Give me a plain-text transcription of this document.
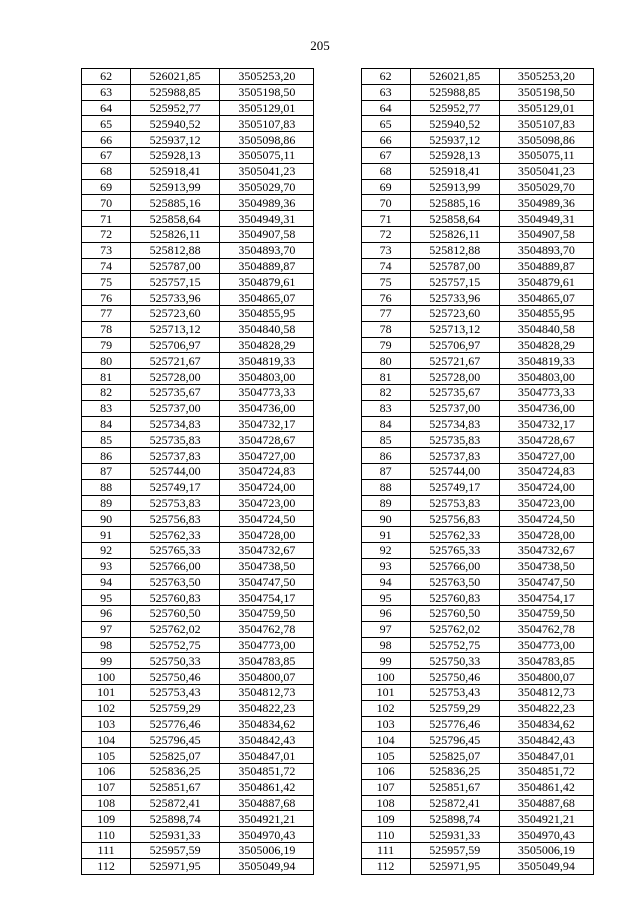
205
62	526021,85	3505253,20		62	526021,85	3505253,20
63	525988,85	3505198,50		63	525988,85	3505198,50
64	525952,77	3505129,01		64	525952,77	3505129,01
65	525940,52	3505107,83		65	525940,52	3505107,83
66	525937,12	3505098,86		66	525937,12	3505098,86
67	525928,13	3505075,11		67	525928,13	3505075,11
68	525918,41	3505041,23		68	525918,41	3505041,23
69	525913,99	3505029,70		69	525913,99	3505029,70
70	525885,16	3504989,36		70	525885,16	3504989,36
71	525858,64	3504949,31		71	525858,64	3504949,31
72	525826,11	3504907,58		72	525826,11	3504907,58
73	525812,88	3504893,70		73	525812,88	3504893,70
74	525787,00	3504889,87		74	525787,00	3504889,87
75	525757,15	3504879,61		75	525757,15	3504879,61
76	525733,96	3504865,07		76	525733,96	3504865,07
77	525723,60	3504855,95		77	525723,60	3504855,95
78	525713,12	3504840,58		78	525713,12	3504840,58
79	525706,97	3504828,29		79	525706,97	3504828,29
80	525721,67	3504819,33		80	525721,67	3504819,33
81	525728,00	3504803,00		81	525728,00	3504803,00
82	525735,67	3504773,33		82	525735,67	3504773,33
83	525737,00	3504736,00		83	525737,00	3504736,00
84	525734,83	3504732,17		84	525734,83	3504732,17
85	525735,83	3504728,67		85	525735,83	3504728,67
86	525737,83	3504727,00		86	525737,83	3504727,00
87	525744,00	3504724,83		87	525744,00	3504724,83
88	525749,17	3504724,00		88	525749,17	3504724,00
89	525753,83	3504723,00		89	525753,83	3504723,00
90	525756,83	3504724,50		90	525756,83	3504724,50
91	525762,33	3504728,00		91	525762,33	3504728,00
92	525765,33	3504732,67		92	525765,33	3504732,67
93	525766,00	3504738,50		93	525766,00	3504738,50
94	525763,50	3504747,50		94	525763,50	3504747,50
95	525760,83	3504754,17		95	525760,83	3504754,17
96	525760,50	3504759,50		96	525760,50	3504759,50
97	525762,02	3504762,78		97	525762,02	3504762,78
98	525752,75	3504773,00		98	525752,75	3504773,00
99	525750,33	3504783,85		99	525750,33	3504783,85
100	525750,46	3504800,07		100	525750,46	3504800,07
101	525753,43	3504812,73		101	525753,43	3504812,73
102	525759,29	3504822,23		102	525759,29	3504822,23
103	525776,46	3504834,62		103	525776,46	3504834,62
104	525796,45	3504842,43		104	525796,45	3504842,43
105	525825,07	3504847,01		105	525825,07	3504847,01
106	525836,25	3504851,72		106	525836,25	3504851,72
107	525851,67	3504861,42		107	525851,67	3504861,42
108	525872,41	3504887,68		108	525872,41	3504887,68
109	525898,74	3504921,21		109	525898,74	3504921,21
110	525931,33	3504970,43		110	525931,33	3504970,43
111	525957,59	3505006,19		111	525957,59	3505006,19
112	525971,95	3505049,94		112	525971,95	3505049,94
